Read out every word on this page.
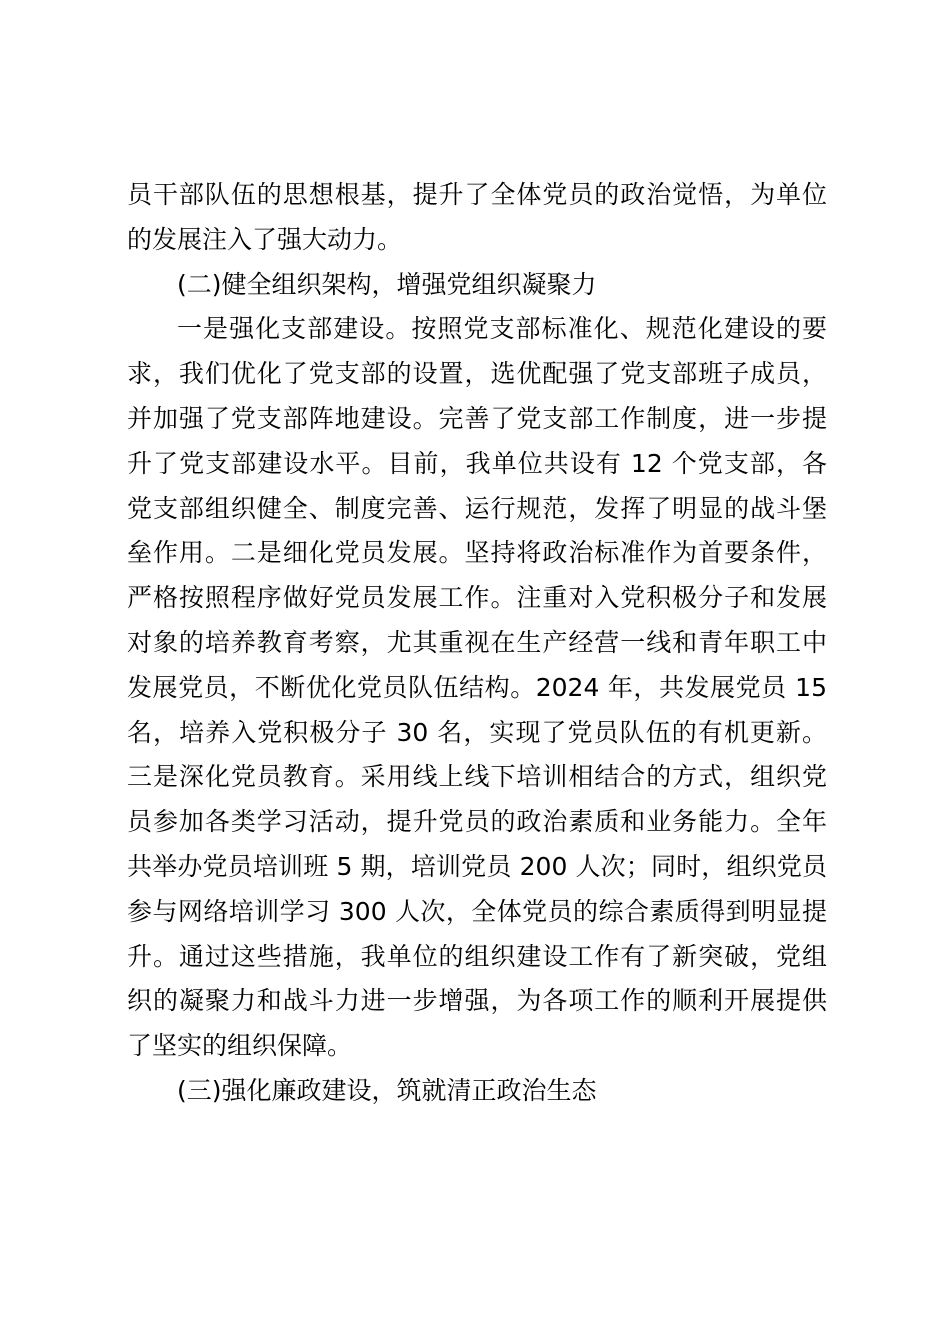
员干部队伍的思想根基，提升了全体党员的政治觉悟，为单位
的发展注入了强大动力。
(二)健全组织架构，增强党组织凝聚力
一是强化支部建设。按照党支部标准化、规范化建设的要
求，我们优化了党支部的设置，选优配强了党支部班子成员，
并加强了党支部阵地建设。完善了党支部工作制度，进一步提
升了党支部建设水平。目前，我单位共设有 12 个党支部，各
党支部组织健全、制度完善、运行规范，发挥了明显的战斗堡
垒作用。二是细化党员发展。坚持将政治标准作为首要条件，
严格按照程序做好党员发展工作。注重对入党积极分子和发展
对象的培养教育考察，尤其重视在生产经营一线和青年职工中
发展党员，不断优化党员队伍结构。2024 年，共发展党员 15
名，培养入党积极分子 30 名，实现了党员队伍的有机更新。
三是深化党员教育。采用线上线下培训相结合的方式，组织党
员参加各类学习活动，提升党员的政治素质和业务能力。全年
共举办党员培训班 5 期，培训党员 200 人次；同时，组织党员
参与网络培训学习 300 人次，全体党员的综合素质得到明显提
升。通过这些措施，我单位的组织建设工作有了新突破，党组
织的凝聚力和战斗力进一步增强，为各项工作的顺利开展提供
了坚实的组织保障。
(三)强化廉政建设，筑就清正政治生态
